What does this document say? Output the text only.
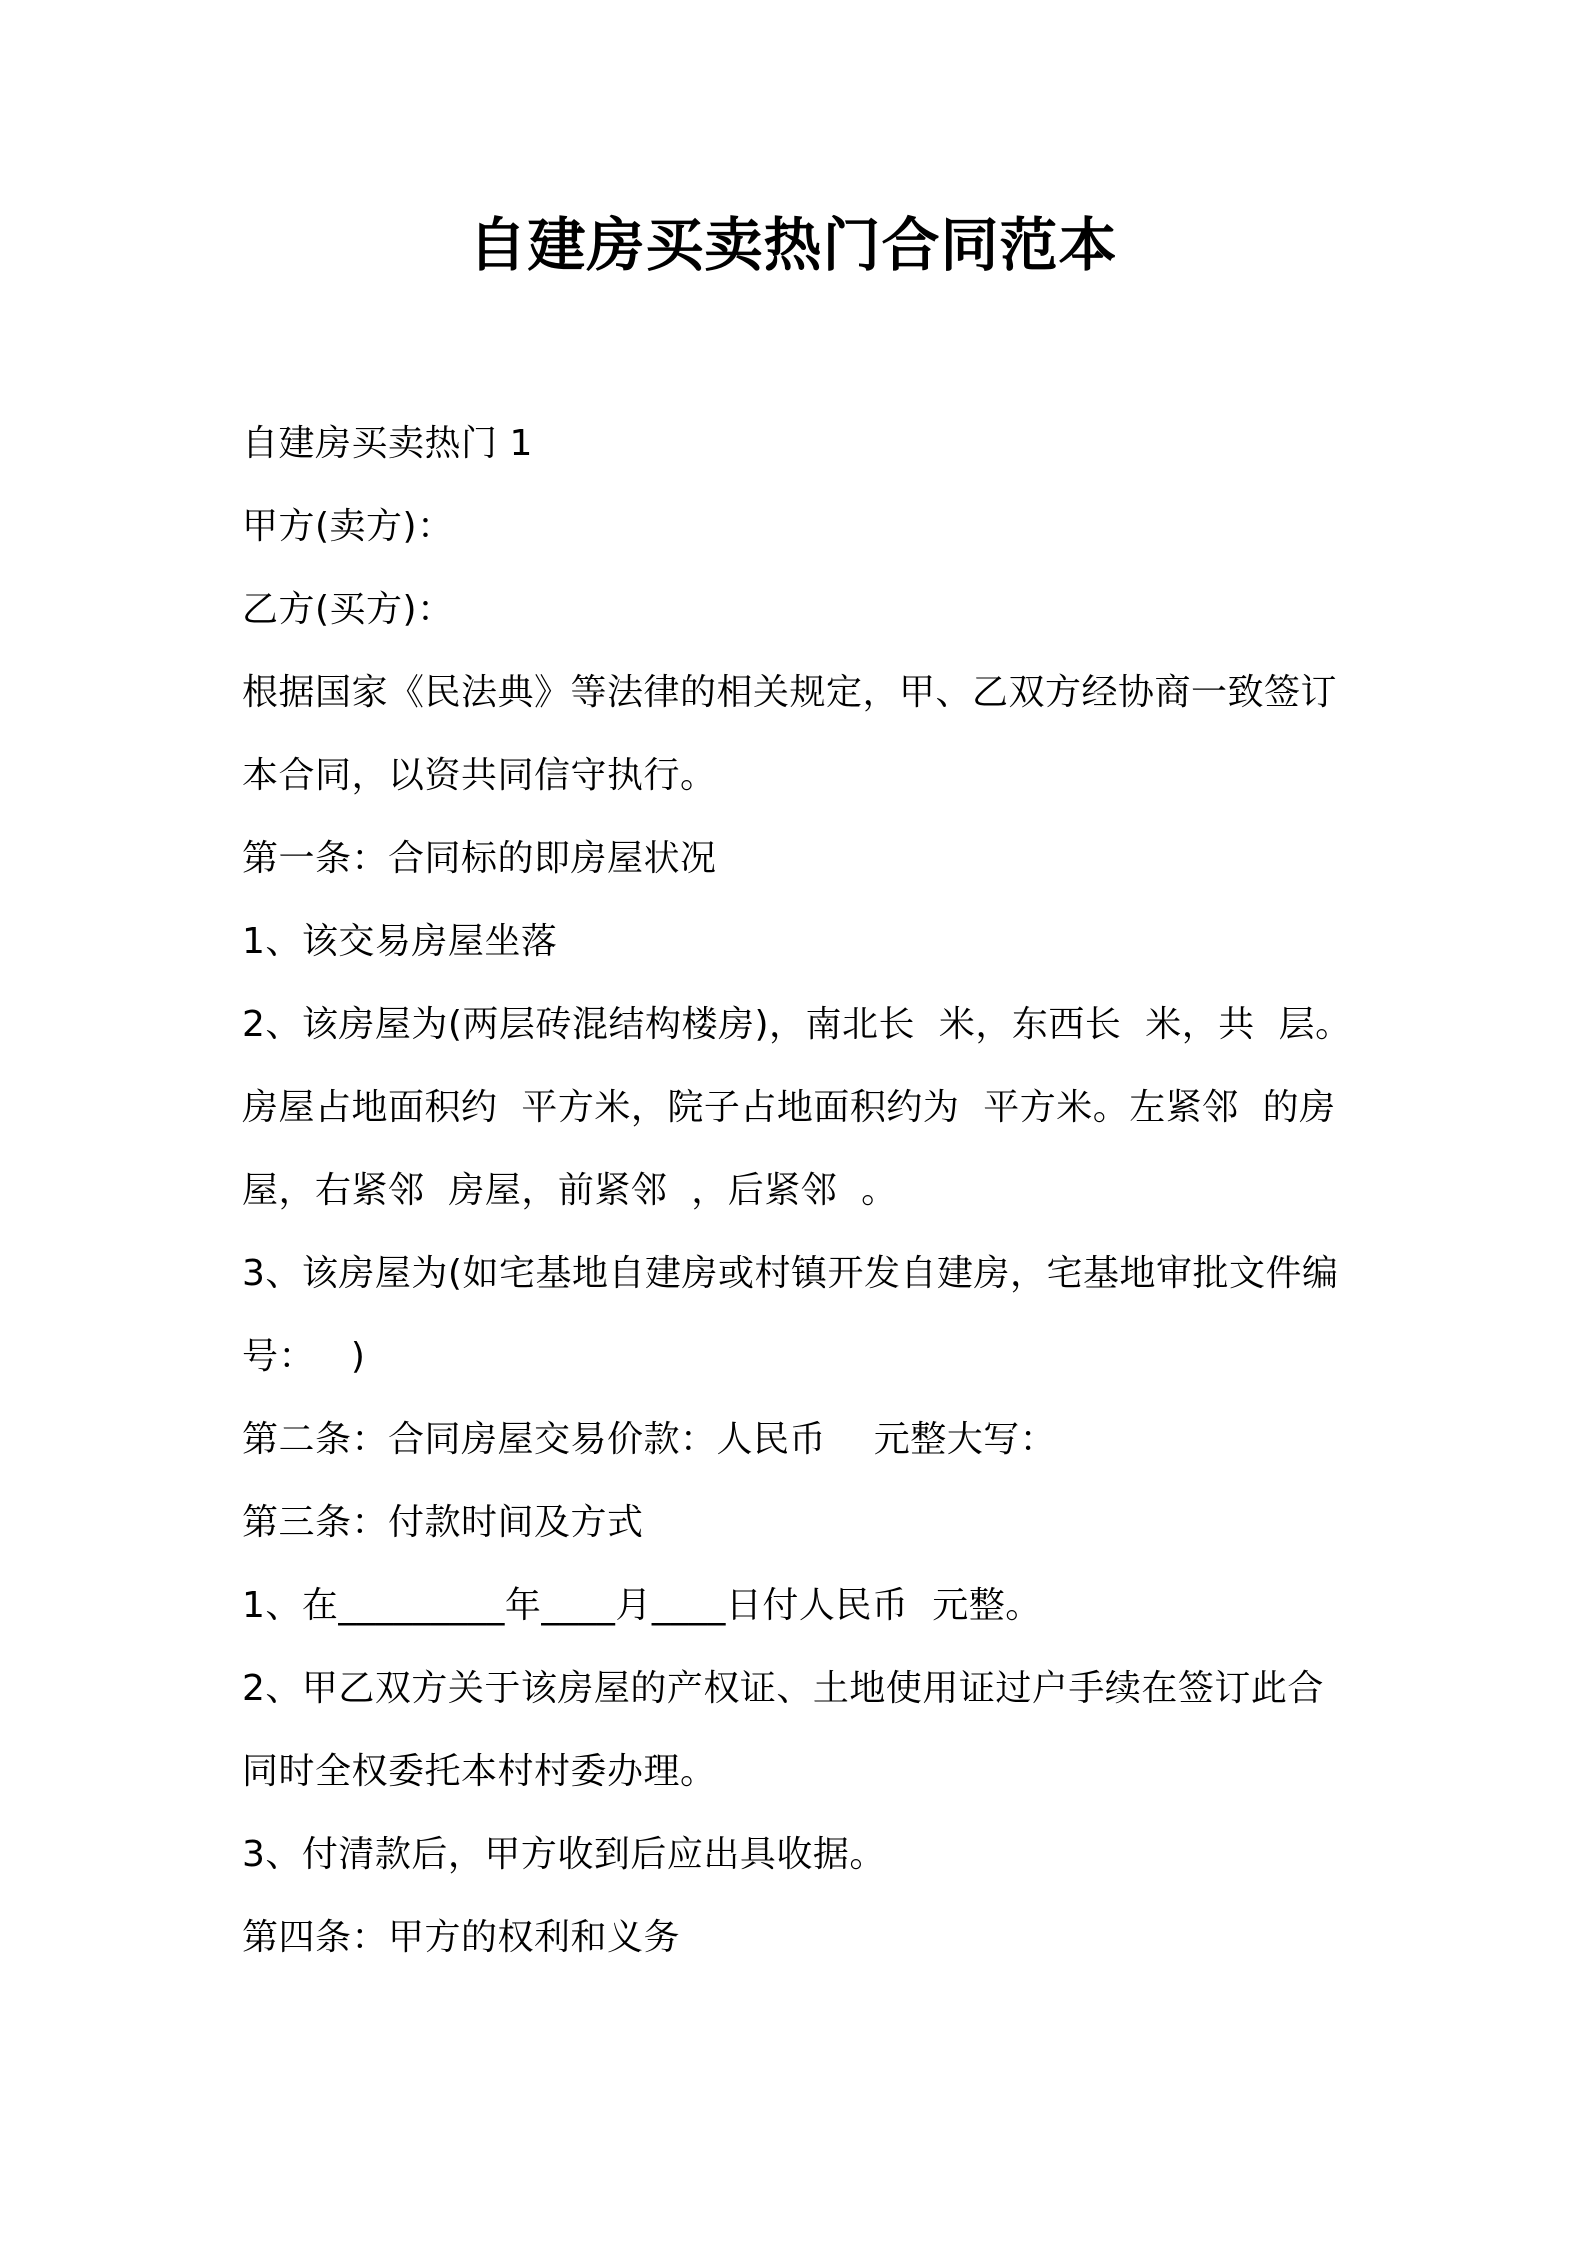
自建房买卖热门合同范本
自建房买卖热门 1
甲方(卖方)：
乙方(买方)：
根据国家《民法典》等法律的相关规定，甲、乙双方经协商一致签订
本合同，以资共同信守执行。
第一条：合同标的即房屋状况
1、该交易房屋坐落
2、该房屋为(两层砖混结构楼房)，南北长  米，东西长  米，共  层。
房屋占地面积约  平方米，院子占地面积约为  平方米。左紧邻  的房
屋，右紧邻  房屋，前紧邻  ，后紧邻  。
3、该房屋为(如宅基地自建房或村镇开发自建房，宅基地审批文件编
号：   )
第二条：合同房屋交易价款：人民币    元整大写：
第三条：付款时间及方式
1、在_________年____月____日付人民币  元整。
2、甲乙双方关于该房屋的产权证、土地使用证过户手续在签订此合
同时全权委托本村村委办理。
3、付清款后，甲方收到后应出具收据。
第四条：甲方的权利和义务
